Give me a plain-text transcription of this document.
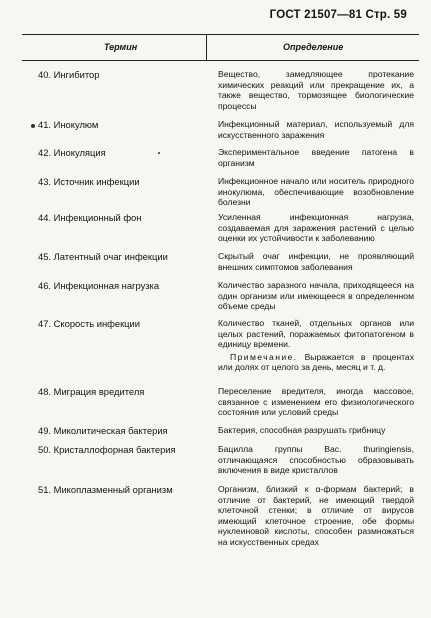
ГОСТ 21507—81 Стр. 59
Термин	Определение
40. Ингибитор	Вещество, замедляющее протекание химических реакций или прекращение их, а также вещество, тормозящее биологические процессы

41. Инокулюм	Инфекционный материал, используемый для искусственного заражения

42. Инокуляция	Экспериментальное введение патогена в организм

43. Источник инфекции	Инфекционное начало или носитель природного инокулюма, обеспечивающие возобновление болезни

44. Инфекционный фон	Усиленная инфекционная нагрузка, создаваемая для заражения растений с целью оценки их устойчивости к заболеванию

45. Латентный очаг инфекции	Скрытый очаг инфекции, не проявляющий внешних симптомов заболевания

46. Инфекционная нагрузка	Количество заразного начала, приходящееся на один организм или имеющееся в определенном объеме среды

47. Скорость инфекции	Количество тканей, отдельных органов или целых растений, поражаемых фитопатогеном в единицу времени.

Примечание. Выражается в процентах или долях от целого за день, месяц и т. д.

48. Миграция вредителя	Переселение вредителя, иногда массовое, связанное с изменением его физиологического состояния или условий среды

49. Миколитическая бактерия	Бактерия, способная разрушать грибницу

50. Кристаллофорная бактерия	Бацилла группы Bac. thuringiensis, отличающаяся способностью образовывать включения в виде кристаллов

51. Микоплазменный организм	Организм, близкий к α-формам бактерий; в отличие от бактерий, не имеющий твердой клеточной стенки; в отличие от вирусов имеющий клеточное строение, обе формы нуклеиновой кислоты, способен размножаться на искусственных средах
